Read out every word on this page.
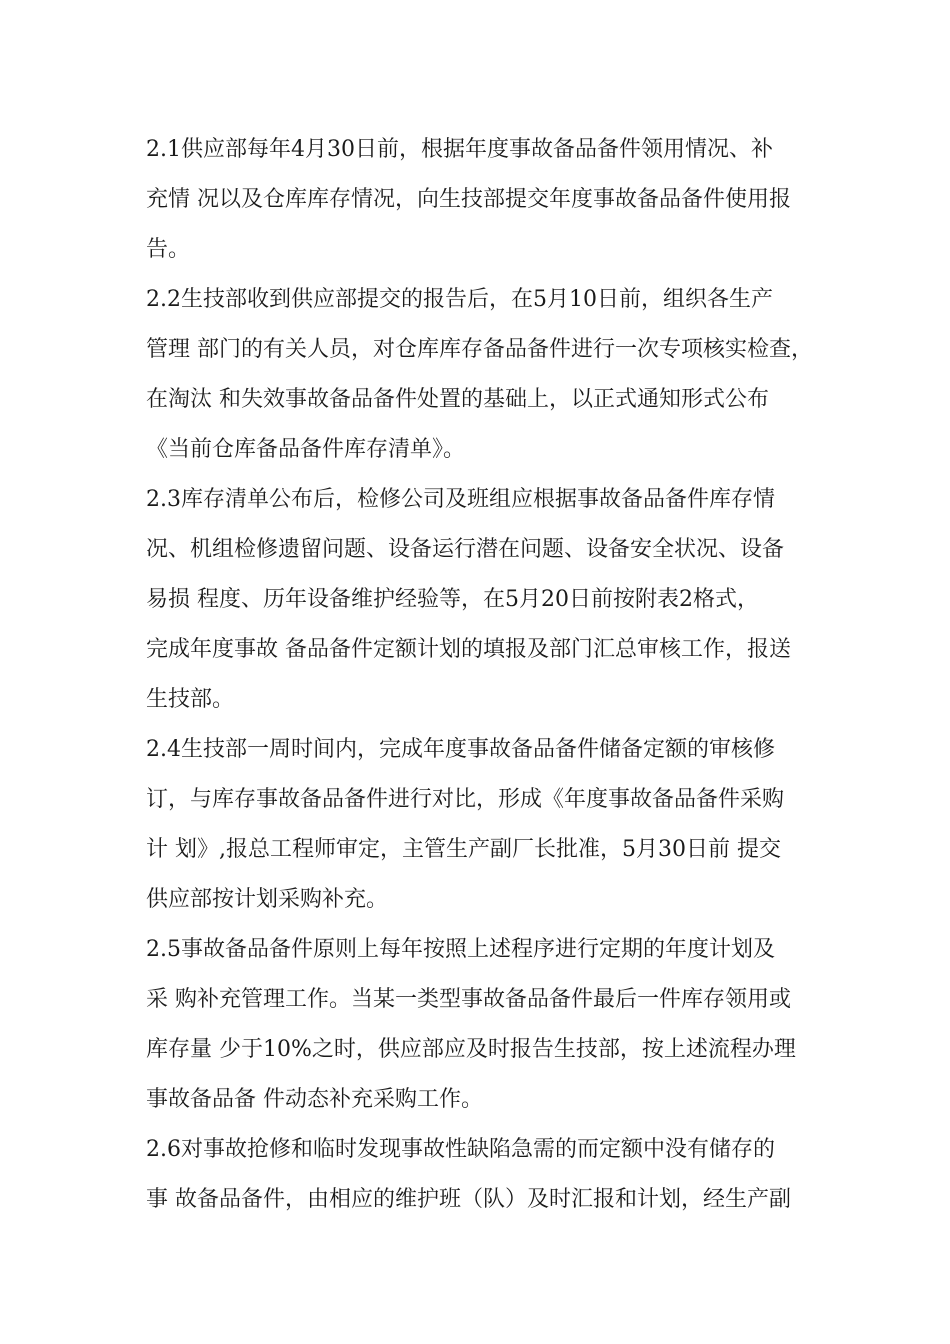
2.1供应部每年4月30日前，根据年度事故备品备件领用情况、补
充情 况以及仓库库存情况，向生技部提交年度事故备品备件使用报
告。
2.2生技部收到供应部提交的报告后，在5月10日前，组织各生产
管理 部门的有关人员，对仓库库存备品备件进行一次专项核实检查，
在淘汰 和失效事故备品备件处置的基础上，以正式通知形式公布
《当前仓库备品备件库存清单》。
2.3库存清单公布后，检修公司及班组应根据事故备品备件库存情
况、机组检修遗留问题、设备运行潜在问题、设备安全状况、设备
易损 程度、历年设备维护经验等，在5月20日前按附表2格式，
完成年度事故 备品备件定额计划的填报及部门汇总审核工作，报送
生技部。
2.4生技部一周时间内，完成年度事故备品备件储备定额的审核修
订，与库存事故备品备件进行对比，形成《年度事故备品备件采购
计 划》,报总工程师审定，主管生产副厂长批准，5月30日前 提交
供应部按计划采购补充。
2.5事故备品备件原则上每年按照上述程序进行定期的年度计划及
采 购补充管理工作。当某一类型事故备品备件最后一件库存领用或
库存量 少于10%之时，供应部应及时报告生技部，按上述流程办理
事故备品备 件动态补充采购工作。
2.6对事故抢修和临时发现事故性缺陷急需的而定额中没有储存的
事 故备品备件，由相应的维护班（队）及时汇报和计划，经生产副
